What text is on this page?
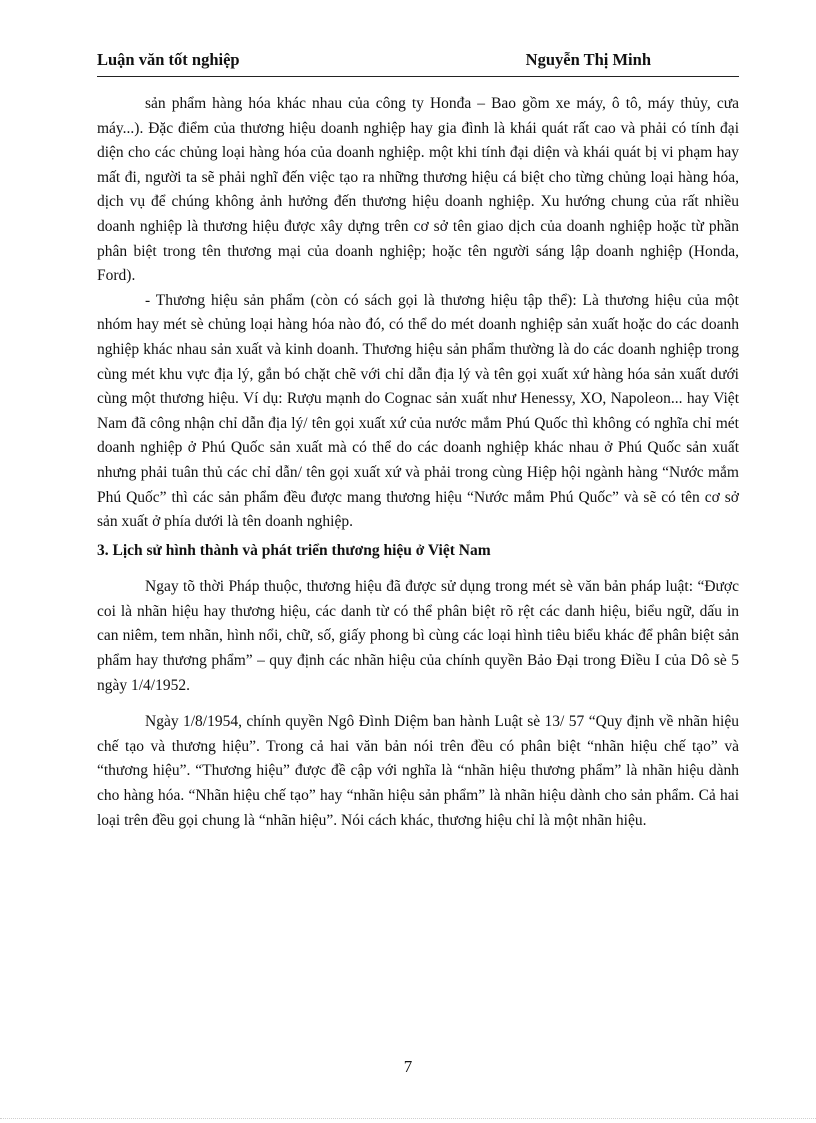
Luận văn tốt nghiệp	Nguyễn Thị Minh

sản phẩm hàng hóa khác nhau của công ty Honđa – Bao gồm xe máy, ô tô, máy thủy, cưa máy...). Đặc điểm của thương hiệu doanh nghiệp hay gia đình là khái quát rất cao và phải có tính đại diện cho các chủng loại hàng hóa của doanh nghiệp. một khi tính đại diện và khái quát bị vi phạm hay mất đi, người ta sẽ phải nghĩ đến việc tạo ra những thương hiệu cá biệt cho từng chủng loại hàng hóa, dịch vụ để chúng không ảnh hưởng đến thương hiệu doanh nghiệp. Xu hướng chung của rất nhiều doanh nghiệp là thương hiệu được xây dựng trên cơ sở tên giao dịch của doanh nghiệp hoặc từ phần phân biệt trong tên thương mại của doanh nghiệp; hoặc tên người sáng lập doanh nghiệp (Honda, Ford).

- Thương hiệu sản phẩm (còn có sách gọi là thương hiệu tập thể): Là thương hiệu của một nhóm hay mét sè chủng loại hàng hóa nào đó, có thể do mét doanh nghiệp sản xuất hoặc do các doanh nghiệp khác nhau sản xuất và kinh doanh. Thương hiệu sản phẩm thường là do các doanh nghiệp trong cùng mét khu vực địa lý, gắn bó chặt chẽ với chỉ dẫn địa lý và tên gọi xuất xứ hàng hóa sản xuất dưới cùng một thương hiệu. Ví dụ: Rượu mạnh do Cognac sản xuất như Henessy, XO, Napoleon... hay Việt Nam đã công nhận chỉ dẫn địa lý/ tên gọi xuất xứ của nước mắm Phú Quốc thì không có nghĩa chỉ mét doanh nghiệp ở Phú Quốc sản xuất mà có thể do các doanh nghiệp khác nhau ở Phú Quốc sản xuất nhưng phải tuân thủ các chỉ dẫn/ tên gọi xuất xứ và phải trong cùng Hiệp hội ngành hàng “Nước mắm Phú Quốc” thì các sản phẩm đều được mang thương hiệu “Nước mắm Phú Quốc” và sẽ có tên cơ sở sản xuất ở phía dưới là tên doanh nghiệp.

3. Lịch sử hình thành và phát triển thương hiệu ở Việt Nam

Ngay tõ thời Pháp thuộc, thương hiệu đã được sử dụng trong mét sè văn bản pháp luật: “Được coi là nhãn hiệu hay thương hiệu, các danh từ có thể phân biệt rõ rệt các danh hiệu, biểu ngữ, dấu in can niêm, tem nhãn, hình nổi, chữ, số, giấy phong bì cùng các loại hình tiêu biểu khác để phân biệt sản phẩm hay thương phẩm” – quy định các nhãn hiệu của chính quyền Bảo Đại trong Điều I của Dô sè 5 ngày 1/4/1952.

Ngày 1/8/1954, chính quyền Ngô Đình Diệm ban hành Luật sè 13/ 57 “Quy định về nhãn hiệu chế tạo và thương hiệu”. Trong cả hai văn bản nói trên đều có phân biệt “nhãn hiệu chế tạo” và “thương hiệu”. “Thương hiệu” được đề cập với nghĩa là “nhãn hiệu thương phẩm” là nhãn hiệu dành cho hàng hóa. “Nhãn hiệu chế tạo” hay “nhãn hiệu sản phẩm” là nhãn hiệu dành cho sản phẩm. Cả hai loại trên đều gọi chung là “nhãn hiệu”. Nói cách khác, thương hiệu chỉ là một nhãn hiệu.

7
